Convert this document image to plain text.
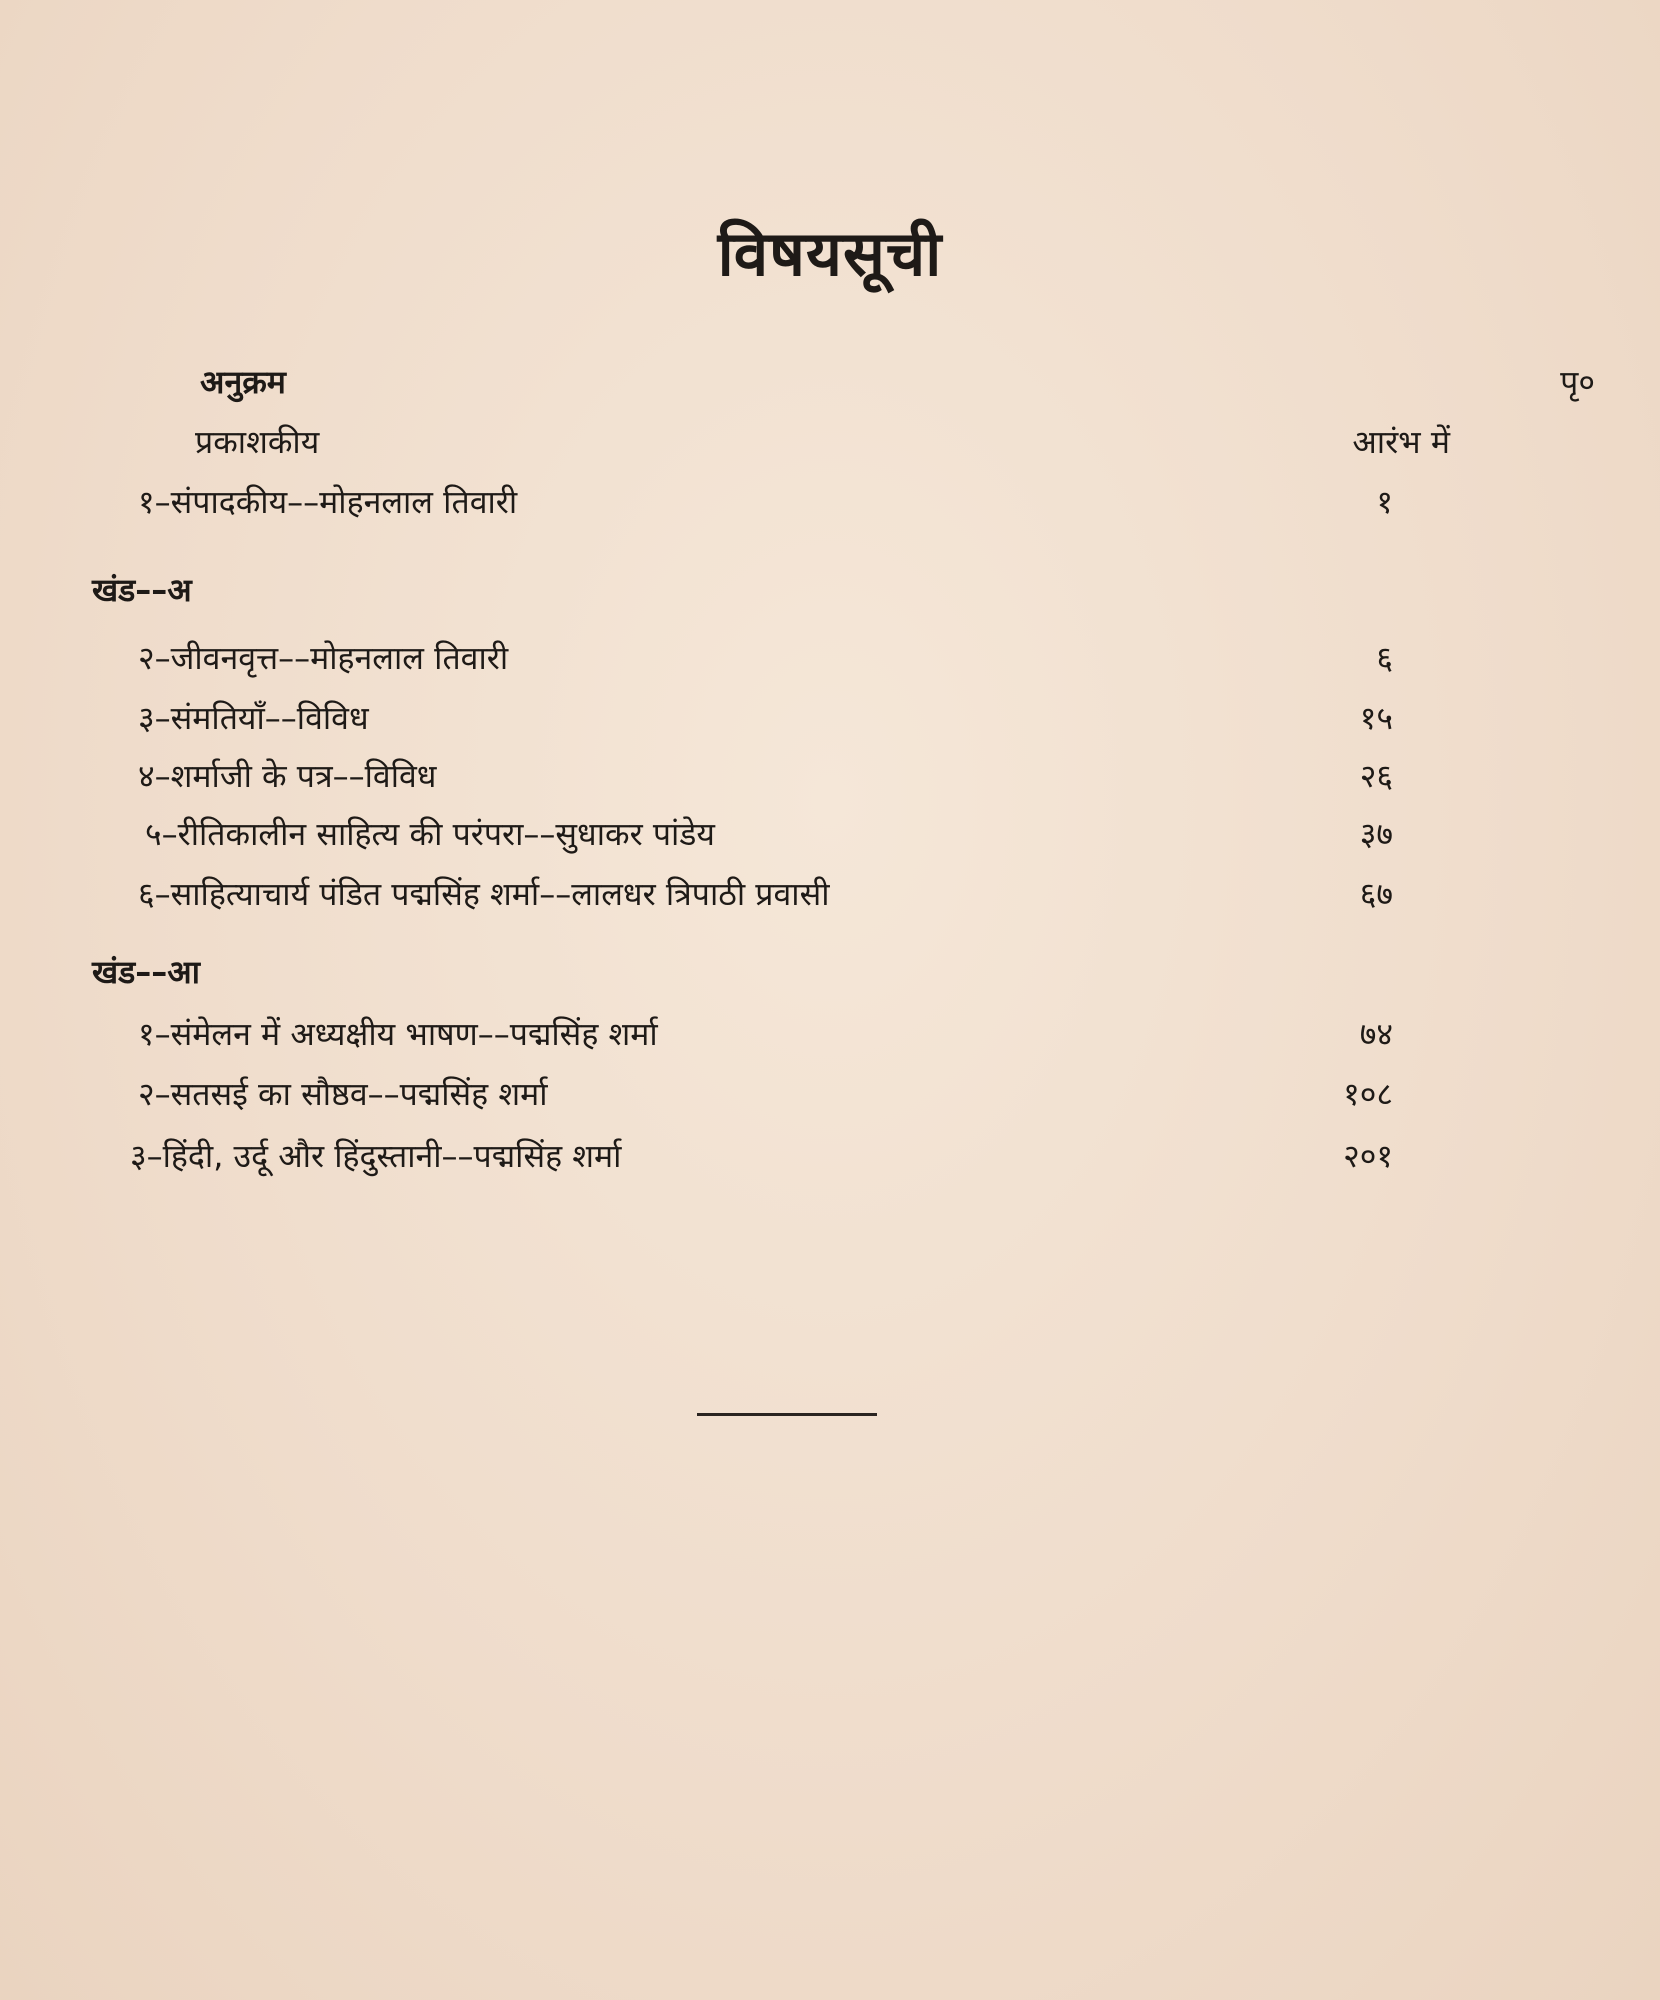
विषयसूची
अनुक्रम	पृ०
प्रकाशकीय	आरंभ में
१–संपादकीय––मोहनलाल तिवारी	१
खंड––अ
२–जीवनवृत्त––मोहनलाल तिवारी	६
३–संमतियाँ––विविध	१५
४–शर्माजी के पत्र––विविध	२६
५–रीतिकालीन साहित्य की परंपरा––सुधाकर पांडेय	३७
६–साहित्याचार्य पंडित पद्मसिंह शर्मा––लालधर त्रिपाठी प्रवासी	६७
खंड––आ
१–संमेलन में अध्यक्षीय भाषण––पद्मसिंह शर्मा	७४
२–सतसई का सौष्ठव––पद्मसिंह शर्मा	१०८
३–हिंदी, उर्दू और हिंदुस्तानी––पद्मसिंह शर्मा	२०१
